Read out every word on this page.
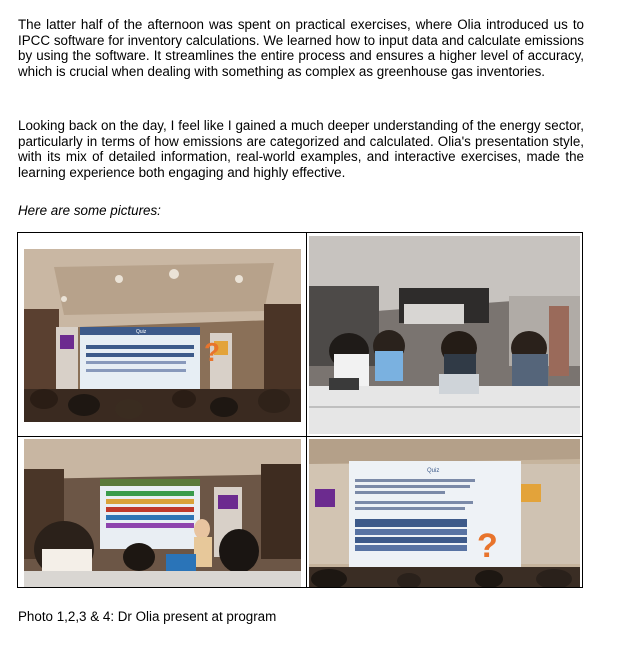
The latter half of the afternoon was spent on practical exercises, where Olia introduced us to IPCC software for inventory calculations. We learned how to input data and calculate emissions by using the software. It streamlines the entire process and ensures a higher level of accuracy, which is crucial when dealing with something as complex as greenhouse gas inventories.

Looking back on the day, I feel like I gained a much deeper understanding of the energy sector, particularly in terms of how emissions are categorized and calculated. Olia's presentation style, with its mix of detailed information, real-world examples, and interactive exercises, made the learning experience both engaging and highly effective.

Here are some pictures:

Quiz
?
Quiz
?

Photo 1,2,3 & 4: Dr Olia present at program
